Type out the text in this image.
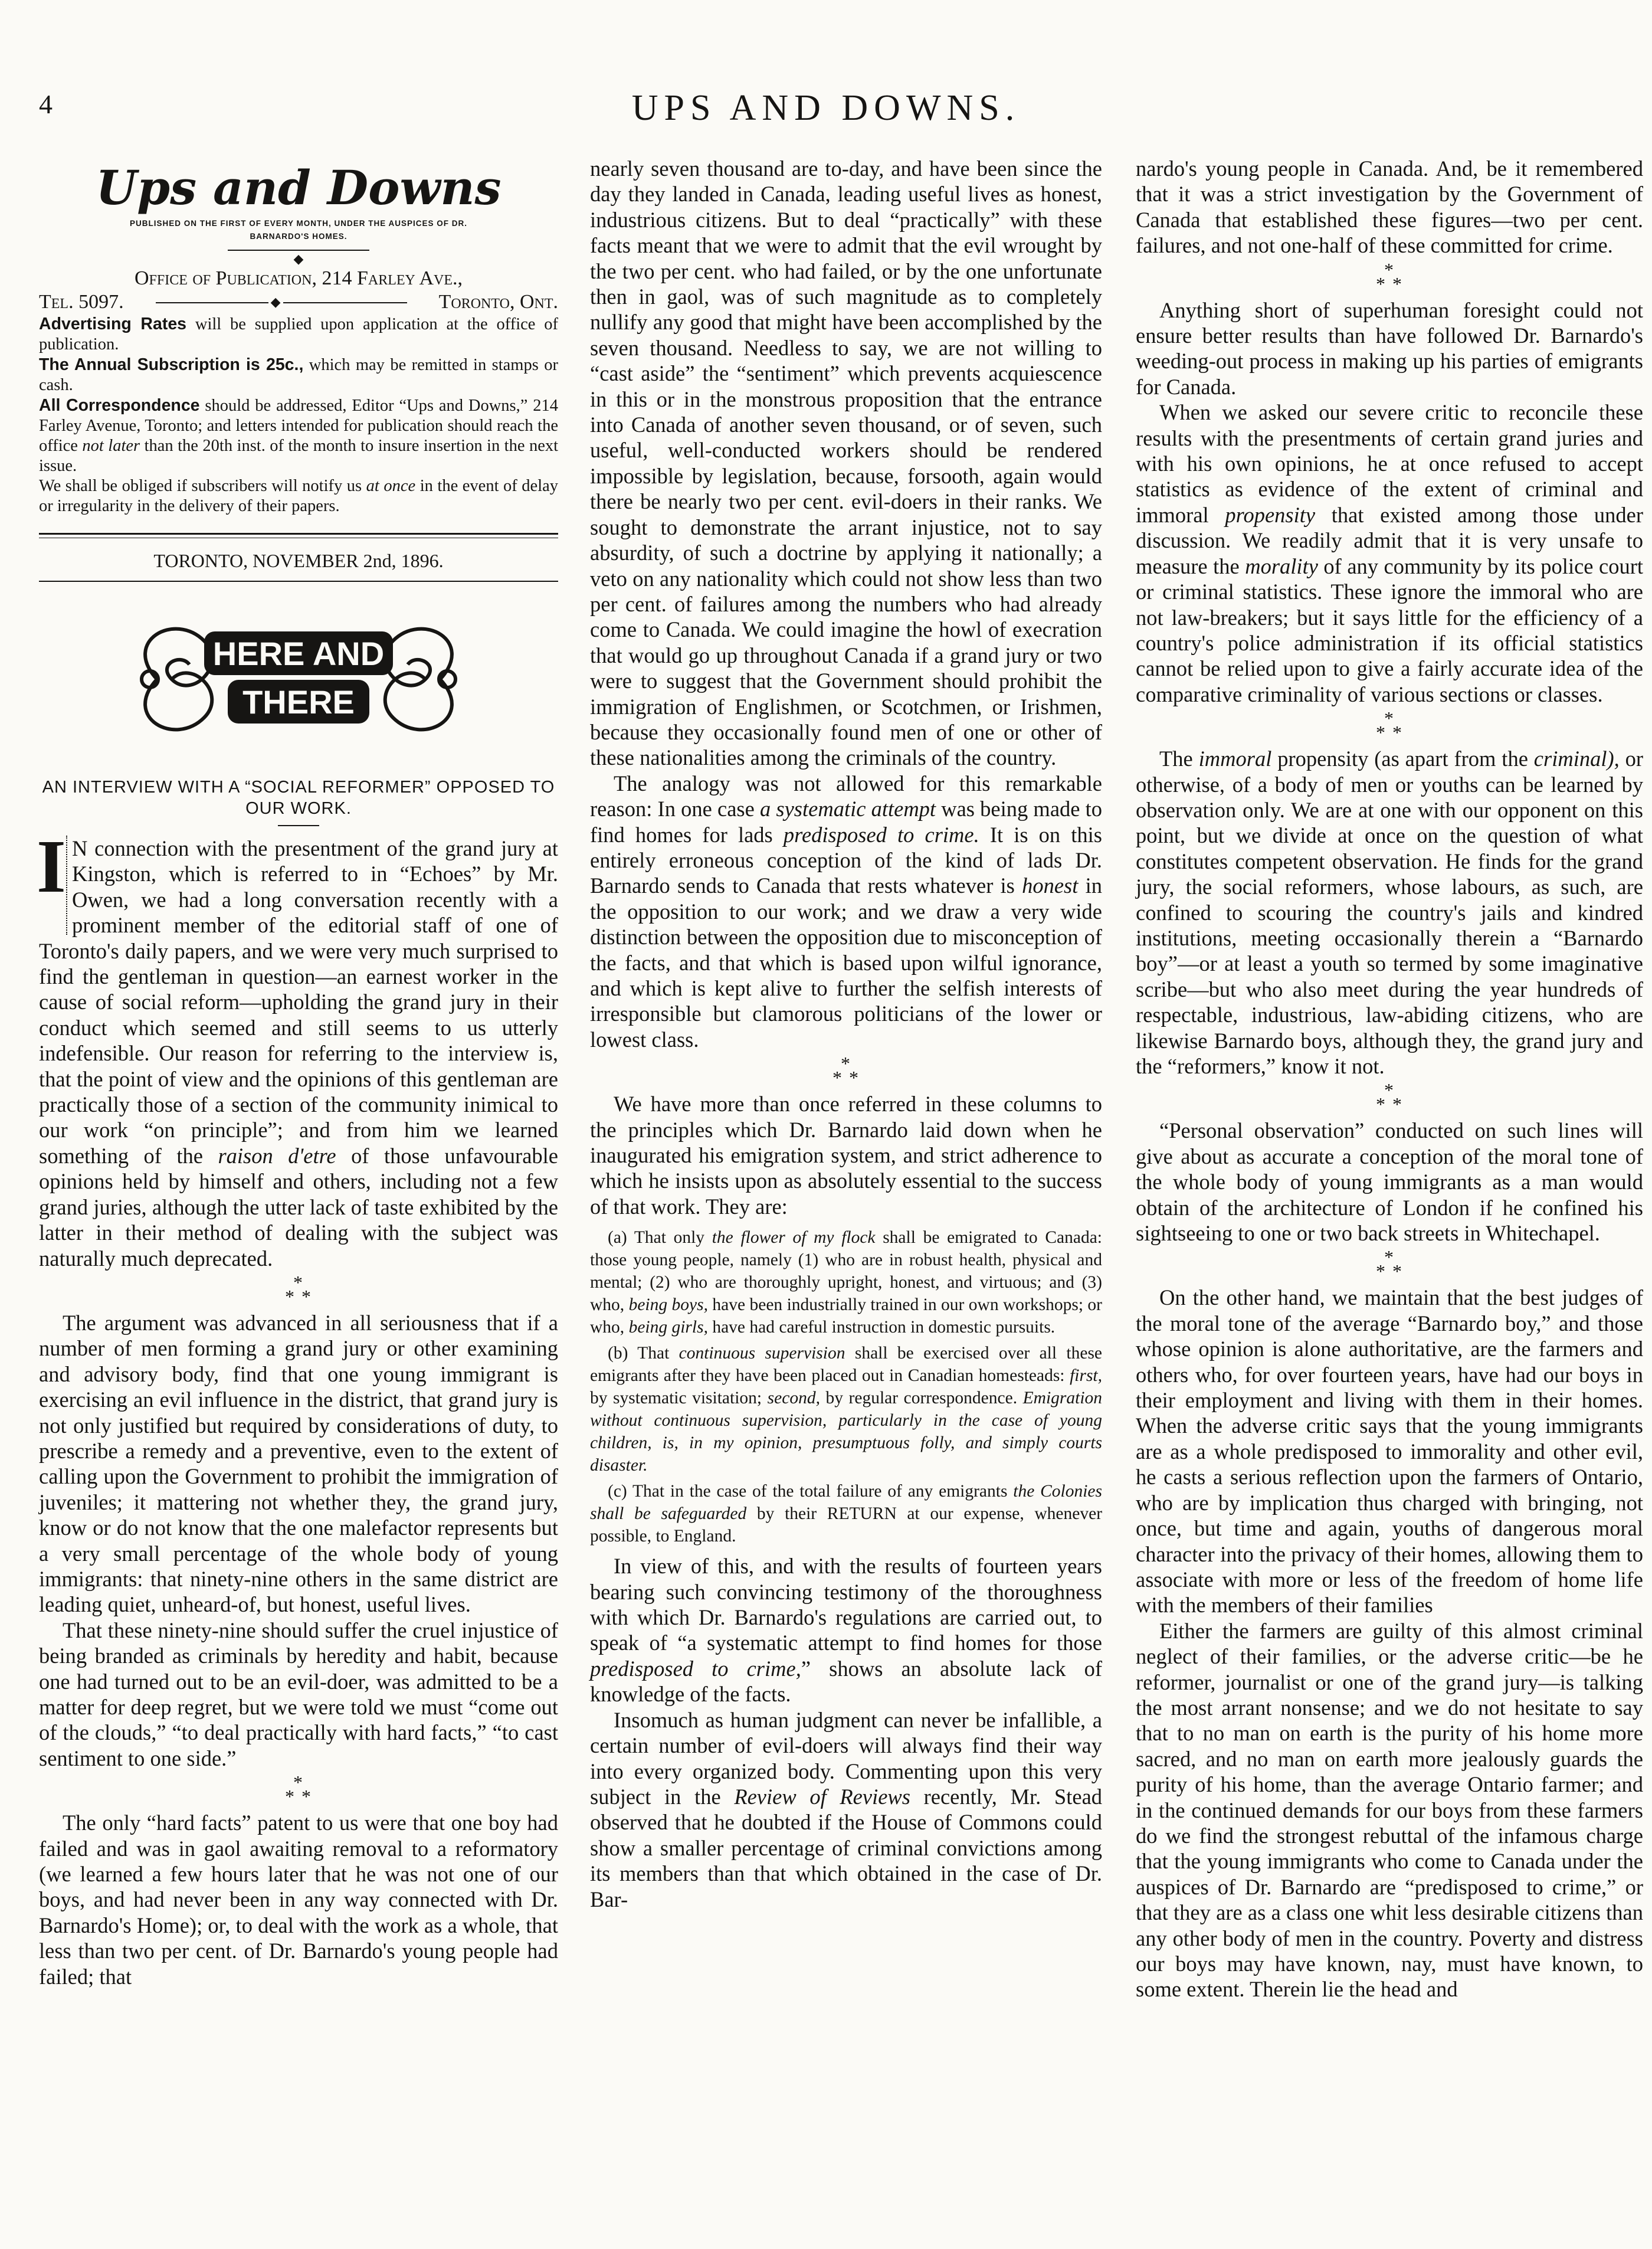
4	UPS AND DOWNS.
Ups and Downs
PUBLISHED ON THE FIRST OF EVERY MONTH, UNDER THE AUSPICES OF DR.
BARNARDO'S HOMES.
◆
Office of Publication, 214 Farley Ave.,
Tel. 5097.	◆	Toronto, Ont.

Advertising Rates will be supplied upon application at the office of publication.

The Annual Subscription is 25c., which may be remitted in stamps or cash.

All Correspondence should be addressed, Editor “Ups and Downs,” 214 Farley Avenue, Toronto; and letters intended for publication should reach the office not later than the 20th inst. of the month to insure insertion in the next issue.

We shall be obliged if subscribers will notify us at once in the event of delay or irregularity in the delivery of their papers.

TORONTO, NOVEMBER 2nd, 1896.
HERE AND
THERE
AN INTERVIEW WITH A “SOCIAL REFORMER” OPPOSED TO OUR WORK.
I N connection with the presentment of the grand jury at Kingston, which is referred to in “Echoes” by Mr. Owen, we had a long conversation recently with a prominent member of the editorial staff of one of Toronto's daily papers, and we were very much surprised to find the gentleman in question—an earnest worker in the cause of social reform—upholding the grand jury in their conduct which seemed and still seems to us utterly indefensible. Our reason for referring to the interview is, that the point of view and the opinions of this gentleman are practically those of a section of the community inimical to our work “on principle”; and from him we learned something of the raison d'etre of those unfavourable opinions held by himself and others, including not a few grand juries, although the utter lack of taste exhibited by the latter in their method of dealing with the subject was naturally much deprecated.

*
* *

The argument was advanced in all seriousness that if a number of men forming a grand jury or other examining and advisory body, find that one young immigrant is exercising an evil influence in the district, that grand jury is not only justified but required by considerations of duty, to prescribe a remedy and a preventive, even to the extent of calling upon the Government to prohibit the immigration of juveniles; it mattering not whether they, the grand jury, know or do not know that the one malefactor represents but a very small percentage of the whole body of young immigrants: that ninety-nine others in the same district are leading quiet, unheard-of, but honest, useful lives.

That these ninety-nine should suffer the cruel injustice of being branded as criminals by heredity and habit, because one had turned out to be an evil-doer, was admitted to be a matter for deep regret, but we were told we must “come out of the clouds,” “to deal practically with hard facts,” “to cast sentiment to one side.”

*
* *

The only “hard facts” patent to us were that one boy had failed and was in gaol awaiting removal to a reformatory (we learned a few hours later that he was not one of our boys, and had never been in any way connected with Dr. Barnardo's Home); or, to deal with the work as a whole, that less than two per cent. of Dr. Barnardo's young people had failed; that

nearly seven thousand are to-day, and have been since the day they landed in Canada, leading useful lives as honest, industrious citizens. But to deal “practically” with these facts meant that we were to admit that the evil wrought by the two per cent. who had failed, or by the one unfortunate then in gaol, was of such magnitude as to completely nullify any good that might have been accomplished by the seven thousand. Needless to say, we are not willing to “cast aside” the “sentiment” which prevents acquiescence in this or in the monstrous proposition that the entrance into Canada of another seven thousand, or of seven, such useful, well-conducted workers should be rendered impossible by legislation, because, forsooth, again would there be nearly two per cent. evil-doers in their ranks. We sought to demonstrate the arrant injustice, not to say absurdity, of such a doctrine by applying it nationally; a veto on any nationality which could not show less than two per cent. of failures among the numbers who had already come to Canada. We could imagine the howl of execration that would go up throughout Canada if a grand jury or two were to suggest that the Government should prohibit the immigration of Englishmen, or Scotchmen, or Irishmen, because they occasionally found men of one or other of these nationalities among the criminals of the country.

The analogy was not allowed for this remarkable reason: In one case a systematic attempt was being made to find homes for lads predisposed to crime. It is on this entirely erroneous conception of the kind of lads Dr. Barnardo sends to Canada that rests whatever is honest in the opposition to our work; and we draw a very wide distinction between the opposition due to misconception of the facts, and that which is based upon wilful ignorance, and which is kept alive to further the selfish interests of irresponsible but clamorous politicians of the lower or lowest class.

*
* *

We have more than once referred in these columns to the principles which Dr. Barnardo laid down when he inaugurated his emigration system, and strict adherence to which he insists upon as absolutely essential to the success of that work. They are:

(a) That only the flower of my flock shall be emigrated to Canada: those young people, namely (1) who are in robust health, physical and mental; (2) who are thoroughly upright, honest, and virtuous; and (3) who, being boys, have been industrially trained in our own workshops; or who, being girls, have had careful instruction in domestic pursuits.

(b) That continuous supervision shall be exercised over all these emigrants after they have been placed out in Canadian homesteads: first, by systematic visitation; second, by regular correspondence. Emigration without continuous supervision, particularly in the case of young children, is, in my opinion, presumptuous folly, and simply courts disaster.

(c) That in the case of the total failure of any emigrants the Colonies shall be safeguarded by their RETURN at our expense, whenever possible, to England.

In view of this, and with the results of fourteen years bearing such convincing testimony of the thoroughness with which Dr. Barnardo's regulations are carried out, to speak of “a systematic attempt to find homes for those predisposed to crime,” shows an absolute lack of knowledge of the facts.

Insomuch as human judgment can never be infallible, a certain number of evil-doers will always find their way into every organized body. Commenting upon this very subject in the Review of Reviews recently, Mr. Stead observed that he doubted if the House of Commons could show a smaller percentage of criminal convictions among its members than that which obtained in the case of Dr. Bar-

nardo's young people in Canada. And, be it remembered that it was a strict investigation by the Government of Canada that established these figures—two per cent. failures, and not one-half of these committed for crime.

*
* *

Anything short of superhuman foresight could not ensure better results than have followed Dr. Barnardo's weeding-out process in making up his parties of emigrants for Canada.

When we asked our severe critic to reconcile these results with the presentments of certain grand juries and with his own opinions, he at once refused to accept statistics as evidence of the extent of criminal and immoral propensity that existed among those under discussion. We readily admit that it is very unsafe to measure the morality of any community by its police court or criminal statistics. These ignore the immoral who are not law-breakers; but it says little for the efficiency of a country's police administration if its official statistics cannot be relied upon to give a fairly accurate idea of the comparative criminality of various sections or classes.

*
* *

The immoral propensity (as apart from the criminal), or otherwise, of a body of men or youths can be learned by observation only. We are at one with our opponent on this point, but we divide at once on the question of what constitutes competent observation. He finds for the grand jury, the social reformers, whose labours, as such, are confined to scouring the country's jails and kindred institutions, meeting occasionally therein a “Barnardo boy”—or at least a youth so termed by some imaginative scribe—but who also meet during the year hundreds of respectable, industrious, law-abiding citizens, who are likewise Barnardo boys, although they, the grand jury and the “reformers,” know it not.

*
* *

“Personal observation” conducted on such lines will give about as accurate a conception of the moral tone of the whole body of young immigrants as a man would obtain of the architecture of London if he confined his sightseeing to one or two back streets in Whitechapel.

*
* *

On the other hand, we maintain that the best judges of the moral tone of the average “Barnardo boy,” and those whose opinion is alone authoritative, are the farmers and others who, for over fourteen years, have had our boys in their employment and living with them in their homes. When the adverse critic says that the young immigrants are as a whole predisposed to immorality and other evil, he casts a serious reflection upon the farmers of Ontario, who are by implication thus charged with bringing, not once, but time and again, youths of dangerous moral character into the privacy of their homes, allowing them to associate with more or less of the freedom of home life with the members of their families

Either the farmers are guilty of this almost criminal neglect of their families, or the adverse critic—be he reformer, journalist or one of the grand jury—is talking the most arrant nonsense; and we do not hesitate to say that to no man on earth is the purity of his home more sacred, and no man on earth more jealously guards the purity of his home, than the average Ontario farmer; and in the continued demands for our boys from these farmers do we find the strongest rebuttal of the infamous charge that the young immigrants who come to Canada under the auspices of Dr. Barnardo are “predisposed to crime,” or that they are as a class one whit less desirable citizens than any other body of men in the country. Poverty and distress our boys may have known, nay, must have known, to some extent. Therein lie the head and
